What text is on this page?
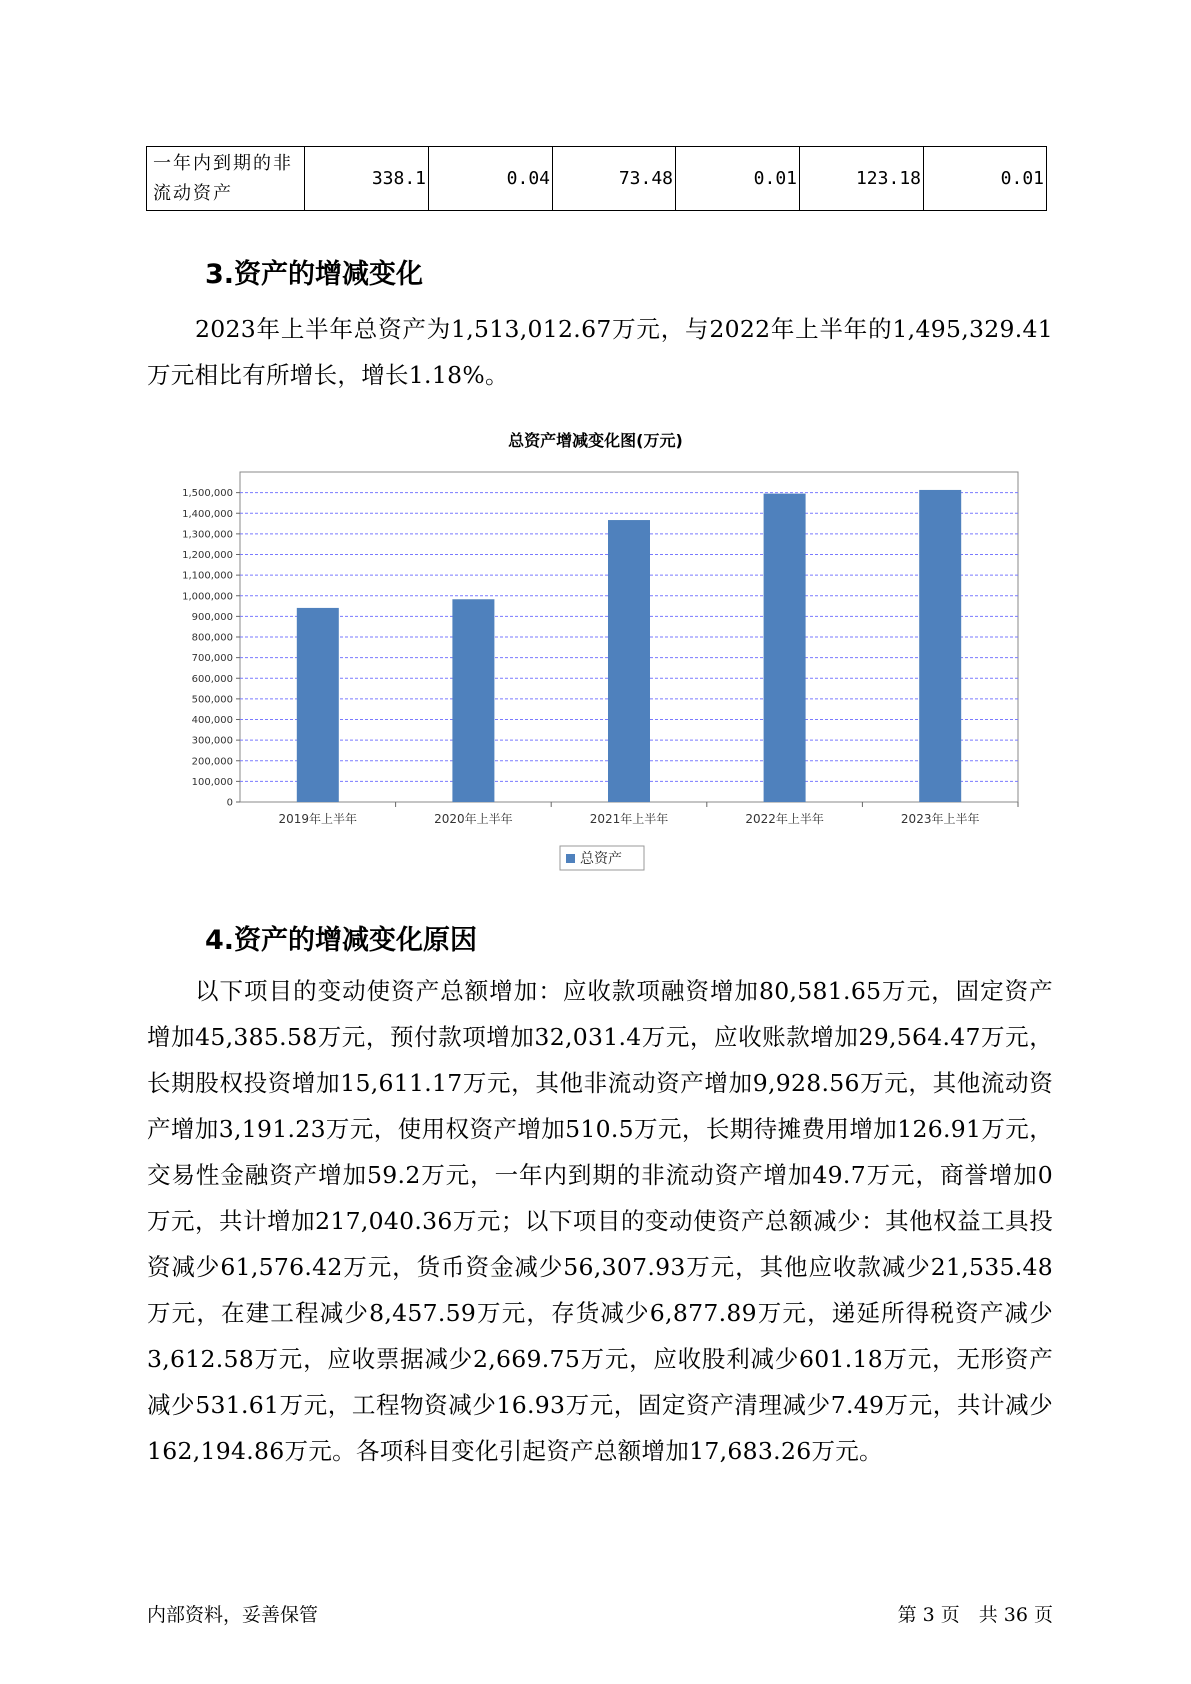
一年内到期的非流动资产	338.1	0.04	73.48	0.01	123.18	0.01
3.资产的增减变化

2023年上半年总资产为1,513,012.67万元，与2022年上半年的1,495,329.41万元相比有所增长，增长1.18%。

总资产增减变化图(万元)
0
100,000
200,000
300,000
400,000
500,000
600,000
700,000
800,000
900,000
1,000,000
1,100,000
1,200,000
1,300,000
1,400,000
1,500,000
2019年上半年	2020年上半年	2021年上半年	2022年上半年	2023年上半年
总资产
4.资产的增减变化原因

以下项目的变动使资产总额增加：应收款项融资增加80,581.65万元，固定资产增加45,385.58万元，预付款项增加32,031.4万元，应收账款增加29,564.47万元，长期股权投资增加15,611.17万元，其他非流动资产增加9,928.56万元，其他流动资产增加3,191.23万元，使用权资产增加510.5万元，长期待摊费用增加126.91万元，交易性金融资产增加59.2万元，一年内到期的非流动资产增加49.7万元，商誉增加0万元，共计增加217,040.36万元；以下项目的变动使资产总额减少：其他权益工具投资减少61,576.42万元，货币资金减少56,307.93万元，其他应收款减少21,535.48万元，在建工程减少8,457.59万元，存货减少6,877.89万元，递延所得税资产减少3,612.58万元，应收票据减少2,669.75万元，应收股利减少601.18万元，无形资产减少531.61万元，工程物资减少16.93万元，固定资产清理减少7.49万元，共计减少162,194.86万元。各项科目变化引起资产总额增加17,683.26万元。

内部资料，妥善保管	第 3 页　共 36 页
